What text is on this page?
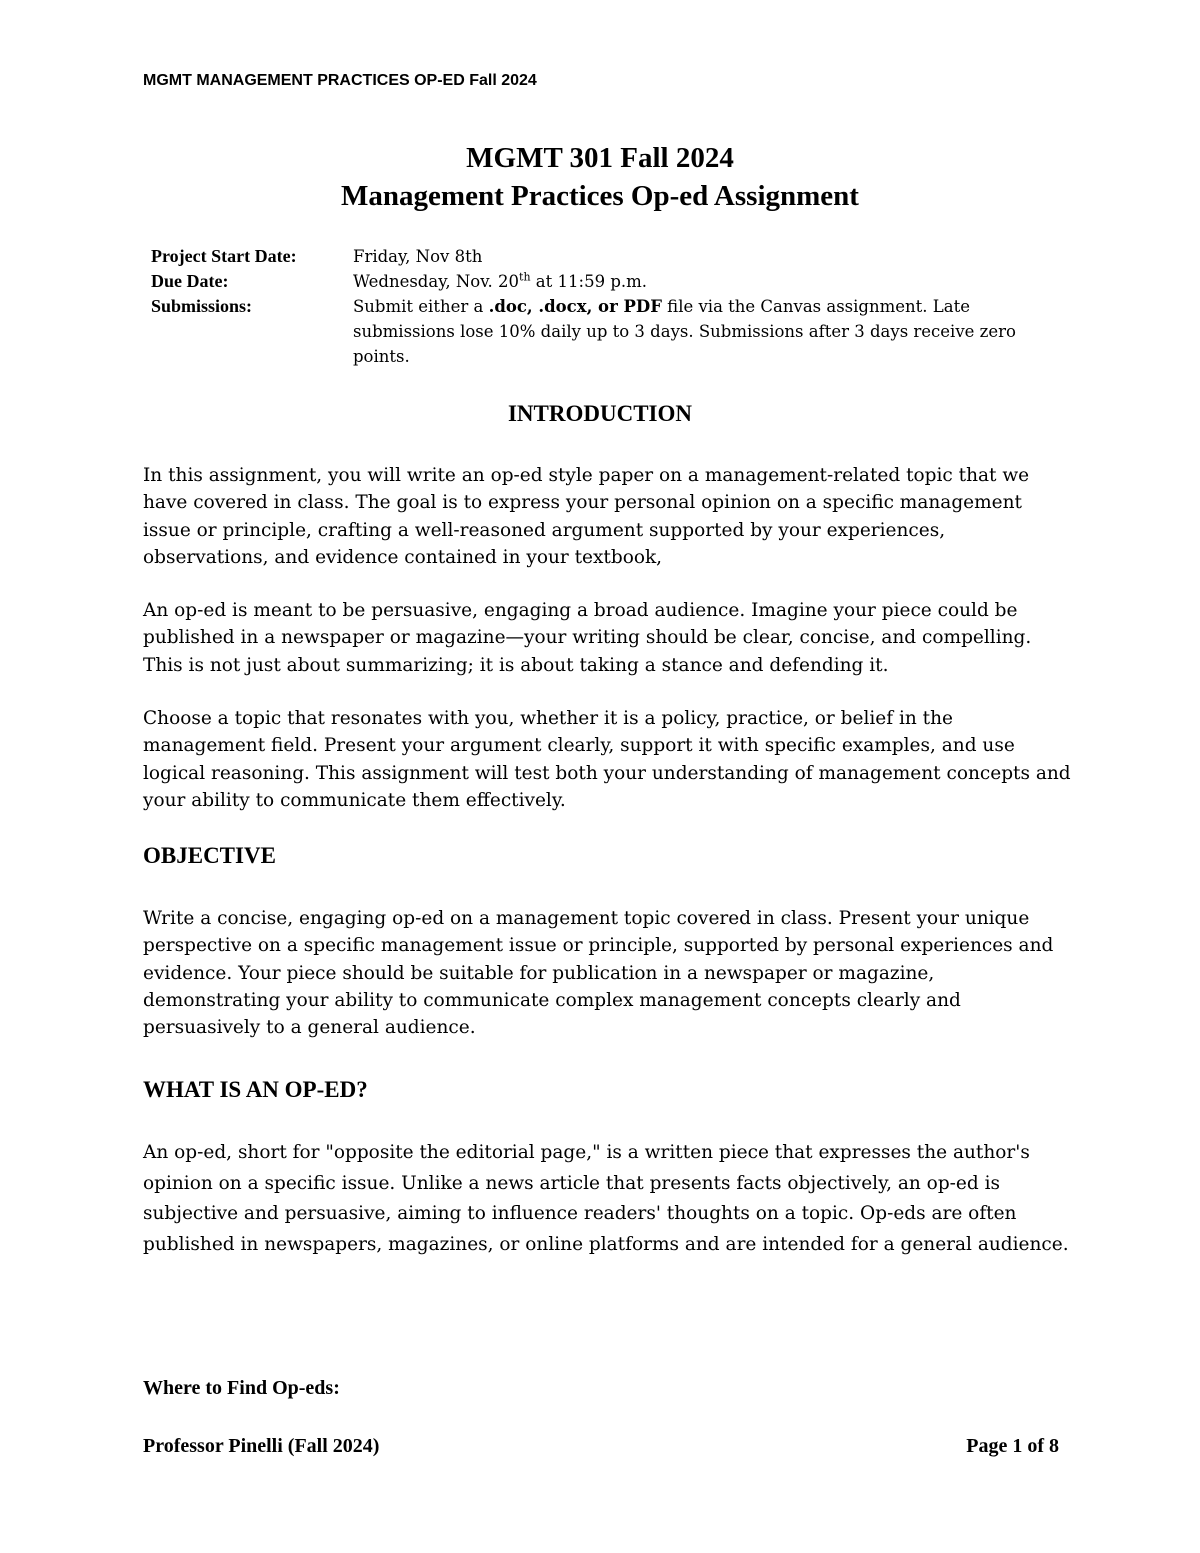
MGMT MANAGEMENT PRACTICES OP-ED Fall 2024
MGMT 301 Fall 2024
Management Practices Op-ed Assignment
Project Start Date:	Friday, Nov 8th
Due Date:	Wednesday, Nov. 20th at 11:59 p.m.
Submissions:	Submit either a .doc, .docx, or PDF file via the Canvas assignment. Late submissions lose 10% daily up to 3 days. Submissions after 3 days receive zero points.
INTRODUCTION
In this assignment, you will write an op-ed style paper on a management-related topic that we have covered in class. The goal is to express your personal opinion on a specific management issue or principle, crafting a well-reasoned argument supported by your experiences, observations, and evidence contained in your textbook,
An op-ed is meant to be persuasive, engaging a broad audience. Imagine your piece could be published in a newspaper or magazine—your writing should be clear, concise, and compelling. This is not just about summarizing; it is about taking a stance and defending it.
Choose a topic that resonates with you, whether it is a policy, practice, or belief in the management field. Present your argument clearly, support it with specific examples, and use logical reasoning. This assignment will test both your understanding of management concepts and your ability to communicate them effectively.
OBJECTIVE
Write a concise, engaging op-ed on a management topic covered in class. Present your unique perspective on a specific management issue or principle, supported by personal experiences and evidence. Your piece should be suitable for publication in a newspaper or magazine, demonstrating your ability to communicate complex management concepts clearly and persuasively to a general audience.
WHAT IS AN OP-ED?
An op-ed, short for "opposite the editorial page," is a written piece that expresses the author's opinion on a specific issue. Unlike a news article that presents facts objectively, an op-ed is subjective and persuasive, aiming to influence readers' thoughts on a topic. Op-eds are often published in newspapers, magazines, or online platforms and are intended for a general audience.
Where to Find Op-eds:
Professor Pinelli (Fall 2024)	Page 1 of 8
